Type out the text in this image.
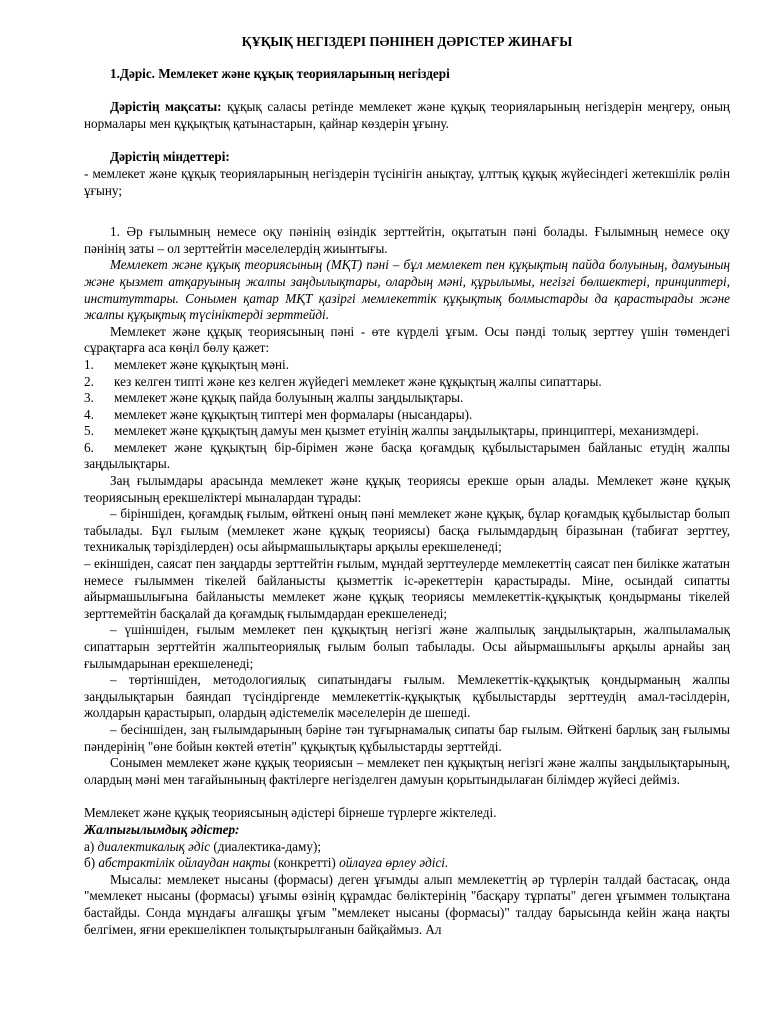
ҚҰҚЫҚ НЕГІЗДЕРІ ПӘНІНЕН ДӘРІСТЕР ЖИНАҒЫ

1.Дәріс. Мемлекет және құқық теорияларының негіздері

Дәрістің мақсаты: құқық саласы ретінде мемлекет және құқық теорияларының негіздерін меңгеру, оның нормалары мен құқықтық қатынастарын, қайнар көздерін ұғыну.

Дәрістің міндеттері:

- мемлекет және құқық теорияларының негіздерін түсінігін анықтау, ұлттық құқық жүйесіндегі жетекшілік рөлін ұғыну;

1. Әр ғылымның немесе оқу пәнінің өзіндік зерттейтін, оқытатын пәні болады. Ғылымның немесе оқу пәнінің заты – ол зерттейтін мәселелердің жиынтығы.

Мемлекет және құқық теориясының (МҚТ) пәні – бұл мемлекет пен құқықтың пайда болуының, дамуының және қызмет атқаруының жалпы заңдылықтары, олардың мәні, құрылымы, негізгі бөлшектері, принциптері, институттары. Сонымен қатар МҚТ қазіргі мемлекеттік құқықтық болмыстарды да қарастырады және жалпы құқықтық түсініктерді зерттейді.

Мемлекет және құқық теориясының пәні - өте күрделі ұғым. Осы пәнді толық зерттеу үшін төмендегі сұрақтарға аса көңіл бөлу қажет:

1. мемлекет және құқықтың мәні.

2. кез келген типті және кез келген жүйедегі мемлекет және құқықтың жалпы сипаттары.

3. мемлекет және құқық пайда болуының жалпы заңдылықтары.

4. мемлекет және құқықтың типтері мен формалары (нысандары).

5. мемлекет және құқықтың дамуы мен қызмет етуінің жалпы заңдылықтары, принциптері, механизмдері.

6. мемлекет және құқықтың бір-бірімен және басқа қоғамдық құбылыстарымен байланыс етудің жалпы заңдылықтары.

Заң ғылымдары арасында мемлекет және құқық теориясы ерекше орын алады. Мемлекет және құқық теориясының ерекшеліктері мыналардан тұрады:

– біріншіден, қоғамдық ғылым, өйткені оның пәні мемлекет және құқық, бұлар қоғамдық құбылыстар болып табылады. Бұл ғылым (мемлекет және құқық теориясы) басқа ғылымдардың біразынан (табиғат зерттеу, техникалық тәрізділерден) осы айырмашылықтары арқылы ерекшеленеді;

– екіншіден, саясат пен заңдарды зерттейтін ғылым, мұндай зерттеулерде мемлекеттің саясат пен билікке жататын немесе ғылыммен тікелей байланысты қызметтік іс-әрекеттерін қарастырады. Міне, осындай сипатты айырмашылығына байланысты мемлекет және құқық теориясы мемлекеттік-құқықтық қондырманы тікелей зерттемейтін басқалай да қоғамдық ғылымдардан ерекшеленеді;

– үшіншіден, ғылым мемлекет пен құқықтың негізгі және жалпылық заңдылықтарын, жалпыламалық сипаттарын зерттейтін жалпытеориялық ғылым болып табылады. Осы айырмашылығы арқылы арнайы заң ғылымдарынан ерекшеленеді;

– төртіншіден, методологиялық сипатындағы ғылым. Мемлекеттік-құқықтық қондырманың жалпы заңдылықтарын баяндап түсіндіргенде мемлекеттік-құқықтық құбылыстарды зерттеудің амал-тәсілдерін, жолдарын қарастырып, олардың әдістемелік мәселелерін де шешеді.

– бесіншіден, заң ғылымдарының бәріне тән тұғырнамалық сипаты бар ғылым. Өйткені барлық заң ғылымы пәндерінің "өне бойын көктей өтетін" құқықтық құбылыстарды зерттейді.

Сонымен мемлекет және құқық теориясын – мемлекет пен құқықтың негізгі және жалпы заңдылықтарының, олардың мәні мен тағайынының фактілерге негізделген дамуын қорытындылаған білімдер жүйесі дейміз.

Мемлекет және құқық теориясының әдістері бірнеше түрлерге жіктеледі.

Жалпығылымдық әдістер:

а) диалектикалық әдіс (диалектика-даму);

б) абстрактілік ойлаудан нақты (конкретті) ойлауға өрлеу әдісі.

Мысалы: мемлекет нысаны (формасы) деген ұғымды алып мемлекеттің әр түрлерін талдай бастасақ, онда "мемлекет нысаны (формасы) ұғымы өзінің құрамдас бөліктерінің "басқару тұрпаты" деген ұғыммен толықтана бастайды. Сонда мұндағы алғашқы ұғым "мемлекет нысаны (формасы)" талдау барысында кейін жаңа нақты белгімен, яғни ерекшелікпен толықтырылғанын байқаймыз. Ал
